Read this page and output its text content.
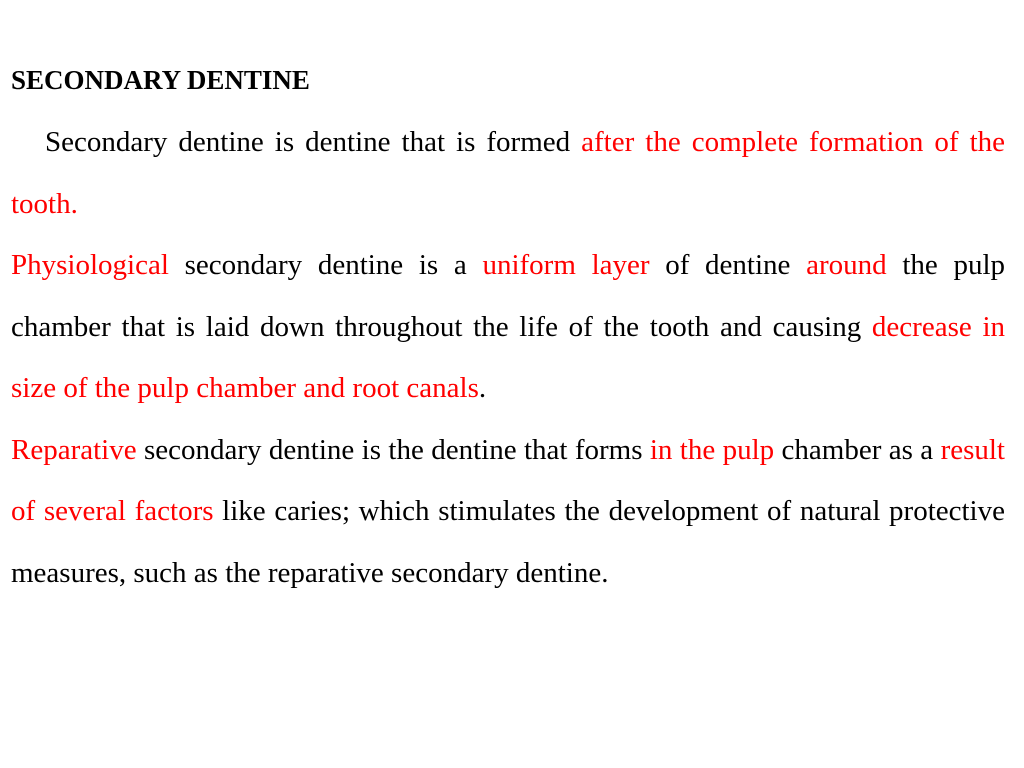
SECONDARY DENTINE

Secondary dentine is dentine that is formed after the complete formation of the tooth.

Physiological secondary dentine is a uniform layer of dentine around the pulp chamber that is laid down throughout the life of the tooth and causing decrease in size of the pulp chamber and root canals.

Reparative secondary dentine is the dentine that forms in the pulp chamber as a result of several factors like caries; which stimulates the development of natural protective measures, such as the reparative secondary dentine.
